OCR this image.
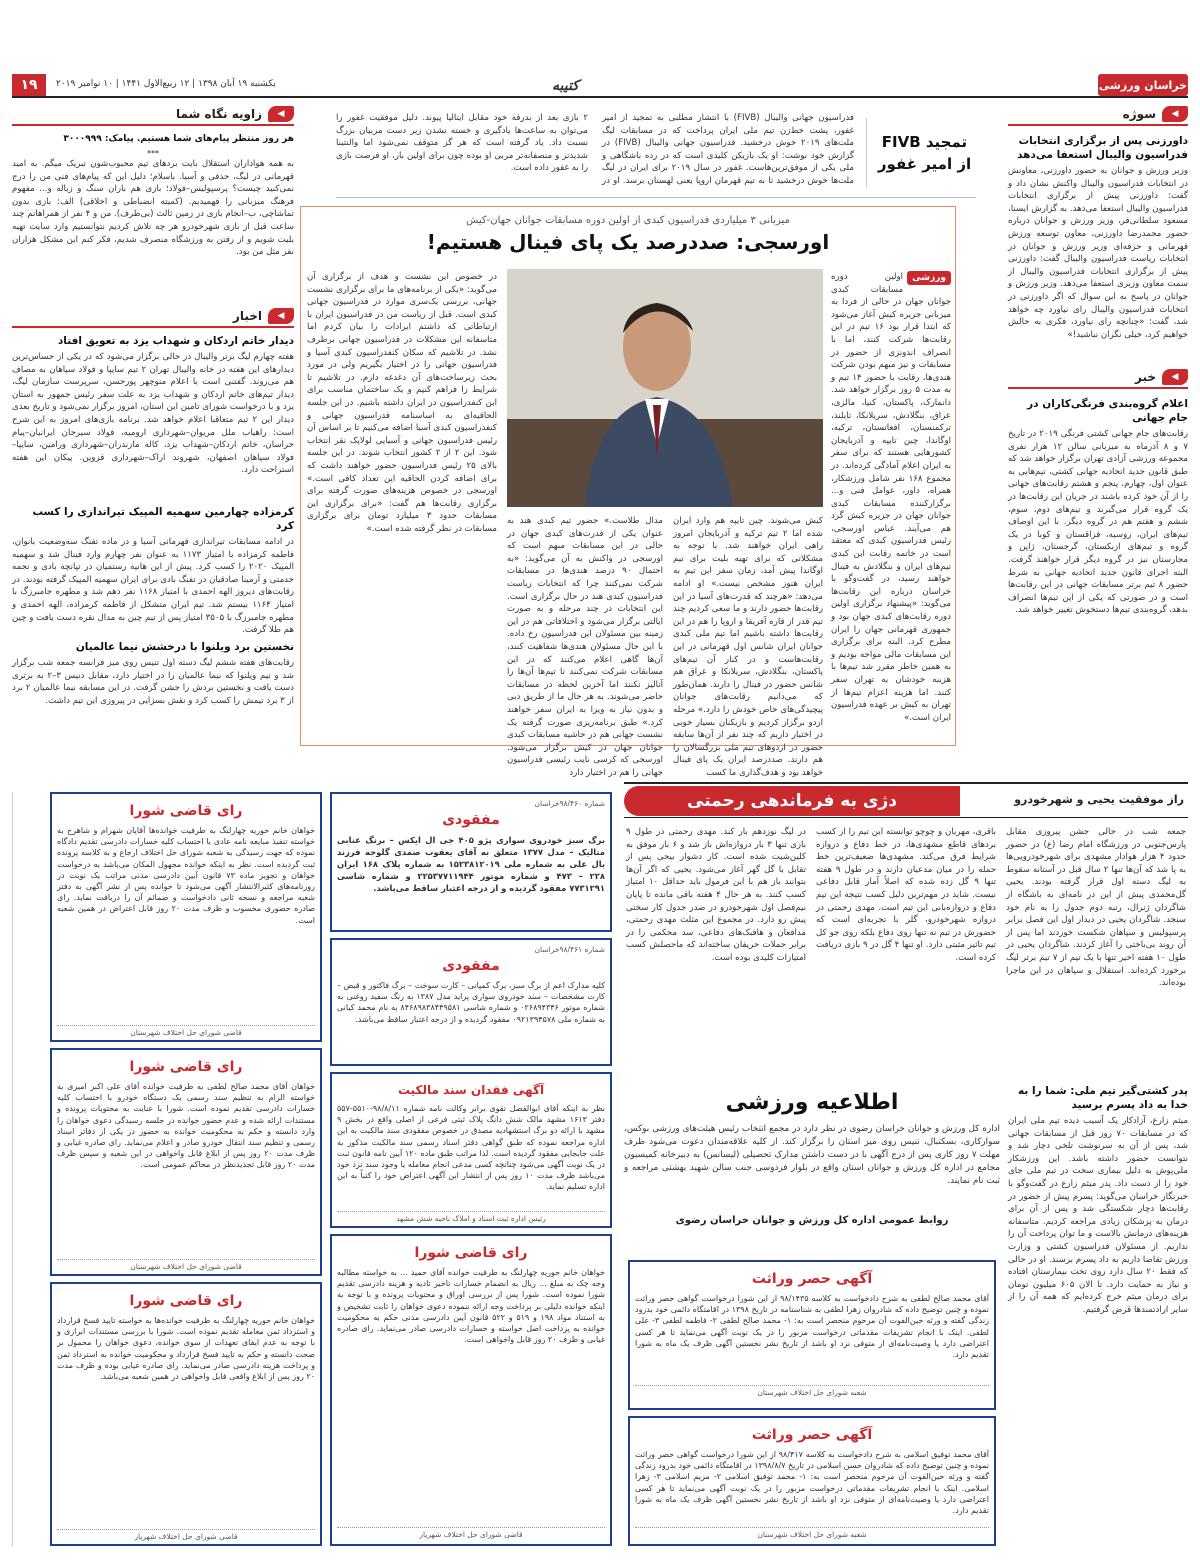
۱۹	یکشنبه ۱۹ آبان ۱۳۹۸ | ۱۲ ربیع‌الاول ۱۴۴۱ | ۱۰ نوامبر ۲۰۱۹	کتیبه	خراسان ورزشی
◀
سوژه
داورزنی پس از برگزاری انتخابات فدراسیون والیبال استعفا می‌دهد
وزیر ورزش و جوانان به حضور داورزنی، معاونش در انتخابات فدراسیون والیبال واکنش نشان داد و گفت: داورزنی پیش از برگزاری انتخابات فدراسیون والیبال استعفا می‌دهد. به گزارش ایسنا، مسعود سلطانی‌فر، وزیر ورزش و جوانان درباره حضور محمدرضا داورزنی، معاون توسعه ورزش قهرمانی و حرفه‌ای وزیر ورزش و جوانان در انتخابات ریاست فدراسیون والیبال گفت: داورزنی پیش از برگزاری انتخابات فدراسیون والیبال از سمت معاون وزیری استعفا می‌دهد. وزیر ورزش و جوانان در پاسخ به این سوال که اگر داورزنی در انتخابات فدراسیون والیبال رای نیاورد چه خواهد شد، گفت: «چنانچه رای نیاورد، فکری به حالش خواهیم کرد، خیلی نگران نباشید!»
◀
خبر
اعلام گروه‌بندی فرنگی‌کاران در جام جهانی
رقابت‌های جام جهانی کشتی فرنگی ۲۰۱۹ در تاریخ ۷ و ۸ آذرماه به میزبانی سالن ۱۲ هزار نفری مجموعه ورزشی آزادی تهران برگزار خواهد شد که طبق قانون جدید اتحادیه جهانی کشتی، تیم‌هایی به عنوان اول، چهارم، پنجم و هشتم رقابت‌های جهانی را از آن خود کرده باشند در جریان این رقابت‌ها در یک گروه قرار می‌گیرند و تیم‌های دوم، سوم، ششم و هفتم هم در گروه دیگر. با این اوصاف تیم‌های ایران، روسیه، قزاقستان و کوبا در یک گروه و تیم‌های ازبکستان، گرجستان، ژاپن و مجارستان نیز در گروه دیگر قرار خواهند گرفت. البته اجرای قانون جدید اتحادیه جهانی به شرط حضور ۸ تیم برتر مسابقات جهانی در این رقابت‌ها است و در صورتی که یکی از این تیم‌ها انصراف بدهد، گروه‌بندی تیم‌ها دستخوش تغییر خواهد شد.
◀
زاویه نگاه شما
هر روز منتظر پیام‌های شما هستیم. پیامک: ۳۰۰۰۹۹۹
***
به همه هواداران استقلال بابت بردهای تیم محبوب‌شون تبریک میگم. به امید قهرمانی در لیگ، حذفی و آسیا. باسلام؛ دلیل این که پیام‌های فنی من را درج نمی‌کنید چیست؟ پرسپولیس–فولاد؛ بازی هم باران سنگ و زباله و... مفهوم فرهنگ میزبانی را فهمیدیم. (کمیته انضباطی و اخلاقی) الف: بازی بدون تماشاچی، ب–انجام بازی در زمین ثالث (بی‌طرف). من و ۴ نفر از همراهانم چند ساعت قبل از بازی شهرخودرو هر چه تلاش کردیم نتوانستیم وارد سایت تهیه بلیت شویم و از رفتن به ورزشگاه منصرف شدیم، فکر کنم این مشکل هزاران نفر مثل من بود.
◀
اخبار
دیدار خاتم اردکان و شهداب یزد به تعویق افتاد
هفته چهارم لیگ برتر والیبال در حالی برگزار می‌شود که در یکی از حساس‌ترین دیدارهای این هفته در خانه والیبال تهران ۲ تیم سایپا و فولاد سپاهان به مصاف هم می‌روند. گفتنی است با اعلام منوچهر پورحسن، سرپرست سازمان لیگ، دیدار تیم‌های خاتم اردکان و شهداب یزد به علت سفر رئیس جمهور به استان یزد و با درخواست شورای تامین این استان، امروز برگزار نمی‌شود و تاریخ بعدی دیدار این ۲ تیم متعاقبا اعلام خواهد شد. برنامه بازی‌های امروز به این شرح است: راهیاب ملل مریوان–شهرداری ارومیه، فولاد سیرجان ایرانیان–پیام خراسان، خاتم اردکان–شهداب یزد، کاله مازندران–شهرداری ورامین، سایپا–فولاد سپاهان اصفهان، شهروند اراک–شهرداری قزوین. پیکان این هفته استراحت دارد.
کرمزاده چهارمین سهمیه المپیک تیراندازی را کسب کرد
در ادامه مسابقات تیراندازی قهرمانی آسیا و در ماده تفنگ سه‌وضعیت بانوان، فاطمه کرمزاده با امتیاز ۱۱۷۳ به عنوان نفر چهارم وارد فینال شد و سهمیه المپیک ۲۰۲۰ را کسب کرد. پیش از این هانیه رستمیان در تپانچه بادی و نجمه خدمتی و آرمینا صادقیان در تفنگ بادی برای ایران سهمیه المپیک گرفته بودند. در رقابت‌های دیروز الهه احمدی با امتیاز ۱۱۶۸ نفر دهم شد و مطهره جامبرزگ با امتیاز ۱۱۶۴ بیستم شد. تیم ایران متشکل از فاطمه کرمزاده، الهه احمدی و مطهره جامبرزگ با ۳۵۰۵ امتیاز پس از تیم چین به مدال نقره دست یافت و چین هم طلا گرفت.
نخستین برد ویلنوا با درخشش نیما عالمیان
رقابت‌های هفته ششم لیگ دسته اول تنیس روی میز فرانسه جمعه شب برگزار شد و تیم ویلنوا که نیما عالمیان را در اختیار دارد، مقابل دنیس ۳–۲ به برتری دست یافت و نخستین بردش را جشن گرفت. در این مسابقه نیما عالمیان ۲ برد از ۳ برد تیمش را کسب کرد و نقش بسزایی در پیروزی این تیم داشت.
تمجید FIVB از امیر غفور
فدراسیون جهانی والیبال (FIVB) با انتشار مطلبی به تمجید از امیر غفور، پشت خط‌زن تیم ملی ایران پرداخت که در مسابقات لیگ ملت‌های ۲۰۱۹ خوش درخشید. فدراسیون جهانی والیبال (FIVB) در گزارش خود نوشت: او یک بازیکن کلیدی است که در رده باشگاهی و ملی یکی از موفق‌ترین‌هاست. غفور در سال ۲۰۱۹ برای ایران در لیگ ملت‌ها خوش درخشید تا به تیم قهرمان اروپا یعنی لهستان برسد. او در ۲ بازی بعد از بدرقه خود مقابل ایتالیا پیوند. دلیل موفقیت غفور را می‌توان به ساعت‌ها یادگیری و خسته نشدن زیر دست مربیان بزرگ نسبت داد. یاد گرفته است که هر گز متوقف نمی‌شود اما والنتینا شدیدتر و منصفانه‌تر مربی او بوده چون برای اولین بار، او فرصت بازی را به غفور داده است.
میزبانی ۳ میلیاردی فدراسیون کبدی از اولین دوره مسابقات جوانان جهان-کیش
اورسجی: صددرصد یک پای فینال هستیم!
ورزشی
اولین دوره مسابقات کبدی جوانان جهان در حالی از فردا به میزبانی جزیره کیش آغاز می‌شود که ابتدا قرار بود ۱۶ تیم در این رقابت‌ها شرکت کنند، اما با انصراف اندونزی از حضور در مسابقات و نیز مبهم بودن شرکت هندی‌ها، رقابت با حضور ۱۴ تیم و به مدت ۵ روز برگزار خواهد شد. دانمارک، پاکستان، کنیا، مالزی، عراق، بنگلادش، سریلانکا، تایلند، ترکمنستان، افغانستان، ترکیه، اوگاندا، چین تایپه و آذربایجان کشورهایی هستند که برای سفر به ایران اعلام آمادگی کرده‌اند. در مجموع ۱۶۸ نفر شامل ورزشکار، همراه، داور، عوامل فنی و... برگزارکننده مسابقات کبدی جوانان جهان در جزیره کیش گرد هم می‌آیند. عباس اورسجی، رئیس فدراسیون کبدی که معتقد است در خاتمه رقابت این کبدی تیم‌های ایران و بنگلادش به فینال خواهند رسید، در گفت‌وگو با خراسان درباره این رقابت‌ها می‌گوید: «پیشنهاد برگزاری اولین دوره رقابت‌های کبدی جهان بود و جمهوری قهرمانی جهان را ایران مطرح کرد. البته برای برگزاری این مسابقات مالی مواجه بودیم و به همین خاطر مقرر شد تیم‌ها با هزینه خودشان به تهران سفر کنند. اما هزینه اعزام تیم‌ها از تهران به کیش بر عهده فدراسیون ایران است.»
کیش می‌شوند. چین تایپه هم وارد ایران شده اما ۲ تیم ترکیه و آذربایجان امروز راهی ایران خواهند شد. با توجه به مشکلاتی که برای تهیه بلیت برای تیم اوگاندا پیش آمد، زمان سفر این تیم به ایران هنوز مشخص نیست.» او ادامه می‌دهد: «هرچند که قدرت‌های آسیا در این رقابت‌ها حضور دارند و ما سعی کردیم چند تیم قدر از قاره آفریقا و اروپا را هم در این رقابت‌ها داشته باشیم اما تیم ملی کبدی جوانان ایران شانس اول قهرمانی در این رقابت‌هاست و در کنار آن تیم‌های پاکستان، بنگلادش، سریلانکا و عراق هم شانس حضور در فینال را دارند. همان‌طور که می‌دانیم رقابت‌های جوانان پیچیدگی‌های خاص خودش را دارد.» مرحله اردو برگزار کردیم و بازیکنان بسیار خوبی در اختیار داریم که چند نفر از آن‌ها سابقه حضور در اردوهای تیم ملی بزرگسالان را هم دارند. صددرصد ایران یک پای فینال خواهد بود و هدف‌گذاری ما کسب
مدال طلاست.» حضور تیم کبدی هند به عنوان یکی از قدرت‌های کبدی جهان در حالی در این مسابقات مبهم است که اورسجی در واکنش به آن می‌گوید: «به احتمال ۹۰ درصد هندی‌ها در مسابقات شرکت نمی‌کنند چرا که انتخابات ریاست فدراسیون کبدی هند در حال برگزاری است. این انتخابات در چند مرحله و به صورت ایالتی برگزار می‌شود و اختلافاتی هم در این زمینه بین مسئولان این فدراسیون رخ داده. با این حال مسئولان هندی‌ها شفاهیت کنند، آن‌ها گاهی اعلام می‌کنند که در این مسابقات شرکت نمی‌کنند تا تیم‌ها آن‌ها را آنالیز نکنند اما آخرین لحظه در مسابقات حاضر می‌شوند. به هر حال ما از طریق دبی و بدون نیاز به ویزا به ایران سفر خواهند کرد.» طبق برنامه‌ریزی صورت گرفته یک نشست جهانی هم در حاشیه مسابقات کبدی جوانان جهان در کیش برگزار می‌شود. اورسجی که کرسی نایب رئیسی فدراسیون جهانی را هم در اختیار دارد
در خصوص این نشست و هدف از برگزاری آن می‌گوید: «یکی از برنامه‌های ما برای برگزاری نشست جهانی، بررسی یک‌سری موارد در فدراسیون جهانی کبدی است. قبل از ریاست من در فدراسیون ایران با ارتباطاتی که داشتم ایرادات را بیان کردم اما متاسفانه این مشکلات در فدراسیون جهانی برطرف نشد. در تلاشیم که سکان کنفدراسیون کبدی آسیا و فدراسیون جهانی را در اختیار بگیریم ولی در مورد بحث زیرساخت‌های آن دغدغه دارم. در تلاشیم تا شرایط را فراهم کنیم و یک ساختمان مناسب برای این کنفدراسیون در ایران داشته باشیم. در این جلسه الحاقیه‌ای به اساسنامه فدراسیون جهانی و کنفدراسیون کبدی آسیا اضافه می‌کنیم تا بر اساس آن رئیس فدراسیون جهانی و آسیایی لولاپک نقر انتخاب شود. این ۲ از ۲ کشور انتخاب شوند. در این جلسه بالای ۲۵ رئیس فدراسیون حضور خواهند داشت که برای اضافه کردن الحاقیه این تعداد کافی است.» اورسجی در خصوص هزینه‌های صورت گرفته برای برگزاری رقابت‌ها هم گفت: «برای برگزاری این مسابقات حدود ۳ میلیارد تومان برای برگزاری مسابقات در نظر گرفته شده است.»
راز موفقیت یحیی و شهرخودرو
دژی به فرماندهی رحمتی
جمعه شب در حالی جشن پیروزی مقابل پارس‌جنوبی در ورزشگاه امام رضا (ع) در حضور حدود ۴ هزار هوادار مشهدی برای شهرخودرویی‌ها به پا شد که آن‌ها تنها ۲ سال قبل در آستانه سقوط به لیگ دسته اول قرار گرفته بودند. یحیی گل‌محمدی پیش از این در نامه‌ای به باشگاه از شاگردان ژنرال، رتبه دوم جدول را به نام خود سنجد. شاگردان یحیی در دیدار اول این فصل برابر پرسپولیس و سپاهان شکست خوردند اما پس از آن روند بی‌باختی را آغاز کردند. شاگردان یحیی در طول ۱۰ هفته اخیر تنها با یک تیم از ۷ تیم برتر لیگ برخورد کرده‌اند. استقلال و سپاهان در این ماجرا بوده‌اند.
باقری، مهربان و چوچو توانسته این تیم را از کسب بردهای قاطع مشهدی‌ها، در خط دفاع و دروازه شرایط فرق می‌کند. مشهدی‌ها ضعیف‌ترین خط حمله را در میان مدعیان دارند و در طول ۹ هفته تنها ۹ گل زده شده که اصلاً آمار قابل دفاعی نیست. شاید در مهم‌ترین دلیل کسب نتیجه این تیم دفاع و دروازه‌بانی این تیم است. مهدی رحمتی در دروازه شهرخودرو، گلر با تجربه‌ای است که حضورش در تیم نه تنها روی دفاع بلکه روی جو کل تیم تاثیر مثبتی دارد. او تنها ۴ گل در ۹ بازی دریافت کرده است.
در لیگ نوزدهم بار کند. مهدی رحمتی در طول ۹ بازی تنها ۳ بار دروازه‌اش باز شد و ۶ بار موفق به کلین‌شیت شده است. کار دشوار بیحی پس از تقابل با گل گهر آغاز می‌شود. یحیی که اگر آن‌ها بتوانند باز هم با این فرمول باید حداقل ۱۰ امتیاز کسب کنند. به هر حال ۴ هفته باقی مانده تا پایان نیم‌فصل اول شهرخودرو در صدر جدول کار سختی پیش رو دارد. در مجموع این مثلث مهدی رحمتی، مدافعان و هافبک‌های دفاعی، سد محکمی را در برابر حملات حریفان ساخته‌اند که ماحصلش کسب امتیازات کلیدی بوده است.
اطلاعیه ورزشی
اداره کل ورزش و جوانان خراسان رضوی در نظر دارد در مجمع انتخاب رئیس هیئت‌های ورزشی بوکس، سوارکاری، بسکتبال، تنیس روی میز استان را برگزار کند. از کلیه علاقه‌مندان دعوت می‌شود ظرف مهلت ۷ روز کاری پس از درج آگهی با در دست داشتن مدارک تحصیلی (لیسانس) به دبیرخانه کمیسیون مجامع در اداره کل ورزش و جوانان استان واقع در بلوار فردوسی جنب سالن شهید بهشتی مراجعه و ثبت نام نمایند.
روابط عمومی اداره کل ورزش و جوانان خراسان رضوی
پدر کشتی‌گیر تیم ملی: شما را به خدا به داد پسرم برسید
میثم زارع، آزادکار یک آسیب دیده تیم ملی ایران که در مسابقات ۷۰ روز قبل از مسابقات جهانی شد، پس از آن به سرنوشت تلخی دچار شد و نتوانست حضور داشته باشد. این ورزشکار ملی‌پوش به دلیل بیماری سخت در تیم ملی جای خود را از دست داد. پدر میثم زارع در گفت‌وگو با خبرنگار خراسان می‌گوید: پسرم پیش از حضور در رقابت‌ها دچار شکستگی شد و پس از آن برای درمان به پزشکان زیادی مراجعه کردیم. متاسفانه هزینه‌های درمانش بالاست و ما توان پرداخت آن را نداریم. از مسئولان فدراسیون کشتی و وزارت ورزش تقاضا داریم به داد پسرم برسند. او در حالی که فقط ۲۰ سال دارد روی تخت بیمارستان افتاده و نیاز به حمایت دارد. تا الان ۶۰۵ میلیون تومان برای درمان میثم خرج کرده‌ایم که همه آن را از سایر ارادتمندها قرض گرفتیم.
آگهی حصر وراثت
آقای محمد صالح لطفی به شرح دادخواست به کلاسه ۹۸/۱۴۳۵ از این شورا درخواست گواهی حصر وراثت نموده و چنین توضیح داده که شادروان زهرا لطفی به شناسنامه در تاریخ ۱۳۹۸ در اقامتگاه دائمی خود بدرود زندگی گفته و ورثه حین‌الفوت آن مرحوم منحصر است به: ۱- محمد صالح لطفی ۲- فاطمه لطفی ۳- علی لطفی. اینک با انجام تشریفات مقدماتی درخواست مزبور را در یک نوبت آگهی می‌نماید تا هر کسی اعتراضی دارد یا وصیت‌نامه‌ای از متوفی نزد او باشد از تاریخ نشر نخستین آگهی ظرف یک ماه به شورا تقدیم دارد.
شعبه شورای حل اختلاف شهرستان
آگهی حصر وراثت
آقای محمد توفیق اسلامی به شرح دادخواست به کلاسه ۹۸/۴۱۷ از این شورا درخواست گواهی حصر وراثت نموده و چنین توضیح داده که شادروان حسن اسلامی در تاریخ ۱۳۹۸/۸/۷ در اقامتگاه دائمی خود بدرود زندگی گفته و ورثه حین‌الفوت آن مرحوم منحصر است به: ۱- محمد توفیق اسلامی ۲- مریم اسلامی ۳- زهرا اسلامی. اینک با انجام تشریفات مقدماتی درخواست مزبور را در یک نوبت آگهی می‌نماید تا هر کسی اعتراضی دارد یا وصیت‌نامه‌ای از متوفی نزد او باشد از تاریخ نشر نخستین آگهی ظرف یک ماه به شورا تقدیم دارد.
شعبه شورای حل اختلاف شهرستان
شماره ۹۸/۴۶۰خراسان
مفقودی
برگ سبز خودروی سواری پژو ۴۰۵ جی ال ایکس – برنگ عنابی متالیک – مدل ۱۳۷۷ متعلق به آقای یعقوب صمدی گلوجه فرزند بال علی به شماره ملی ۱۵۲۳۸۱۲۰۱۹ به شماره پلاک ۱۶۸ ایران ۲۲۸ – ۴۷۳ و شماره موتور ۲۲۵۳۷۷۱۱۹۴۴ و شماره شاسی ۷۷۳۱۲۹۱ مفقود گردیده و از درجه اعتبار ساقط می‌باشد.
شماره ۹۸/۴۶۱خراسان
مفقودی
کلیه مدارک اعم از برگ سبز، برگ کمپانی – کارت سوخت – برگ فاکتور و قبض – کارت مشخصات – سند خودروی سواری پراید مدل ۱۳۸۷ به رنگ سفید روغنی به شماره موتور ۰۲۶۸۹۴۳۴۶ و شماره شاسی ۸۴۶۸۹۸۳۸۴۴۹۵۸۱ به نام محمد کیانی به شماره ملی ۰۹۲۱۳۹۴۵۷۸ مفقود گردیده و از درجه اعتبار ساقط می‌باشد.
آگهی فقدان سند مالکیت
نظر به اینکه آقای ابوالفضل تقوی برابر وکالت نامه شماره ۹۸/۸/۱۱-۵۵۱۰-۵۵۷ دفتر ۱۶۱۳ مشهد مالک شش دانگ پلاک ثبتی فرعی از اصلی واقع در بخش ۹ مشهد با ارائه دو برگ استشهادیه مصدق در خصوص مفقودی سند مالکیت به این اداره مراجعه نموده که طبق گواهی دفتر اسناد رسمی سند مالکیت مذکور به علت جابجایی مفقود گردیده است. لذا مراتب طبق ماده ۱۲۰ آیین نامه قانون ثبت در یک نوبت آگهی می‌شود چنانچه کسی مدعی انجام معامله یا وجود سند نزد خود می‌باشد ظرف مدت ۱۰ روز پس از انتشار این آگهی اعتراض خود را کتباً به این اداره تسلیم نماید.
رئیس اداره ثبت اسناد و املاک ناحیه شش مشهد
رای قاضی شورا
خواهان خانم حوریه چهارلنگ به طرفیت خوانده آقای حمید ... به خواسته مطالبه وجه چک به مبلغ ... ریال به انضمام خسارات تاخیر تادیه و هزینه دادرسی تقدیم شورا نموده است. شورا پس از بررسی اوراق و محتویات پرونده و با توجه به اینکه خوانده دلیلی بر پرداخت وجه ارائه ننموده دعوی خواهان را ثابت تشخیص و به استناد مواد ۱۹۸ و ۵۱۹ و ۵۲۲ قانون آیین دادرسی مدنی حکم به محکومیت خوانده به پرداخت اصل خواسته و خسارات دادرسی صادر می‌نماید. رای صادره غیابی و ظرف ۲۰ روز قابل واخواهی است.
قاضی شورای حل اختلاف شهریار
رای قاضی شورا
خواهان خانم حوریه چهارلنگ به طرفیت خوانده‌ها آقایان شهرام و شاهرخ به خواسته تنفیذ مبایعه نامه عادی با احتساب کلیه خسارات دادرسی تقدیم دادگاه نموده که جهت رسیدگی به شعبه شورای حل اختلاف ارجاع و به کلاسه پرونده ثبت گردیده است. نظر به اینکه خوانده مجهول المکان می‌باشد به درخواست خواهان و تجویز ماده ۷۳ قانون آیین دادرسی مدنی مراتب یک نوبت در روزنامه‌های کثیرالانتشار آگهی می‌شود تا خوانده پس از نشر آگهی به دفتر شعبه مراجعه و نسخه ثانی دادخواست و ضمائم آن را دریافت نماید. رای صادره حضوری محسوب و ظرف مدت ۲۰ روز قابل اعتراض در همین شعبه است.
قاضی شورای حل اختلاف شهرستان
رای قاضی شورا
خواهان آقای محمد صالح لطفی به طرفیت خوانده آقای علی اکبر امیری به خواسته الزام به تنظیم سند رسمی یک دستگاه خودرو با احتساب کلیه خسارات دادرسی تقدیم نموده است. شورا با عنایت به محتویات پرونده و مستندات ارائه شده و عدم حضور خوانده در جلسه رسیدگی دعوی خواهان را وارد دانسته و حکم به محکومیت خوانده به حضور در یکی از دفاتر اسناد رسمی و تنظیم سند انتقال خودرو صادر و اعلام می‌نماید. رای صادره غیابی و ظرف مدت ۲۰ روز پس از ابلاغ قابل واخواهی در این شعبه و سپس ظرف مدت ۲۰ روز قابل تجدیدنظر در محاکم عمومی است.
قاضی شورای حل اختلاف شهرستان
رای قاضی شورا
خواهان خانم حوریه چهارلنگ به طرفیت خوانده‌ها به خواسته تایید فسخ قرارداد و استرداد ثمن معامله تقدیم نموده است. شورا با بررسی مستندات ابرازی و با توجه به عدم ایفای تعهدات از سوی خوانده، دعوی خواهان را محمول بر صحت دانسته و حکم به تایید فسخ قرارداد و محکومیت خوانده به استرداد ثمن و پرداخت هزینه دادرسی صادر می‌نماید. رای صادره غیابی بوده و ظرف مدت ۲۰ روز پس از ابلاغ واقعی قابل واخواهی در همین شعبه می‌باشد.
قاضی شورای حل اختلاف شهریار
